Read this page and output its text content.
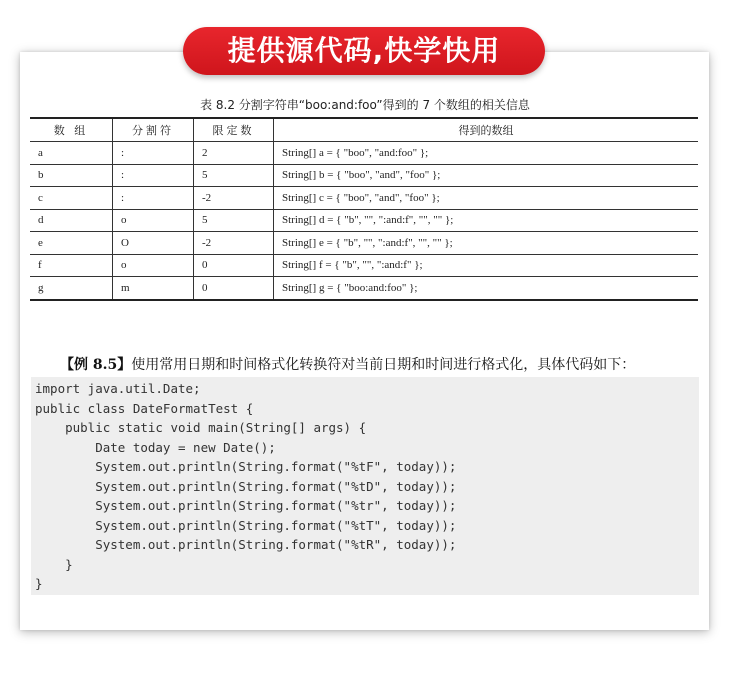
提供源代码,快学快用
表 8.2 分割字符串“boo:and:foo”得到的 7 个数组的相关信息
数 组	分割符	限定数	得到的数组
a	:	2	String[] a = { "boo", "and:foo" };
b	:	5	String[] b = { "boo", "and", "foo" };
c	:	-2	String[] c = { "boo", "and", "foo" };
d	o	5	String[] d = { "b", "", ":and:f", "", "" };
e	O	-2	String[] e = { "b", "", ":and:f", "", "" };
f	o	0	String[] f = { "b", "", ":and:f" };
g	m	0	String[] g = { "boo:and:foo" };
【例 8.5】使用常用日期和时间格式化转换符对当前日期和时间进行格式化，具体代码如下：
import java.util.Date;
public class DateFormatTest {
public static void main(String[] args) {
Date today = new Date();
System.out.println(String.format("%tF", today));
System.out.println(String.format("%tD", today));
System.out.println(String.format("%tr", today));
System.out.println(String.format("%tT", today));
System.out.println(String.format("%tR", today));
}
}
